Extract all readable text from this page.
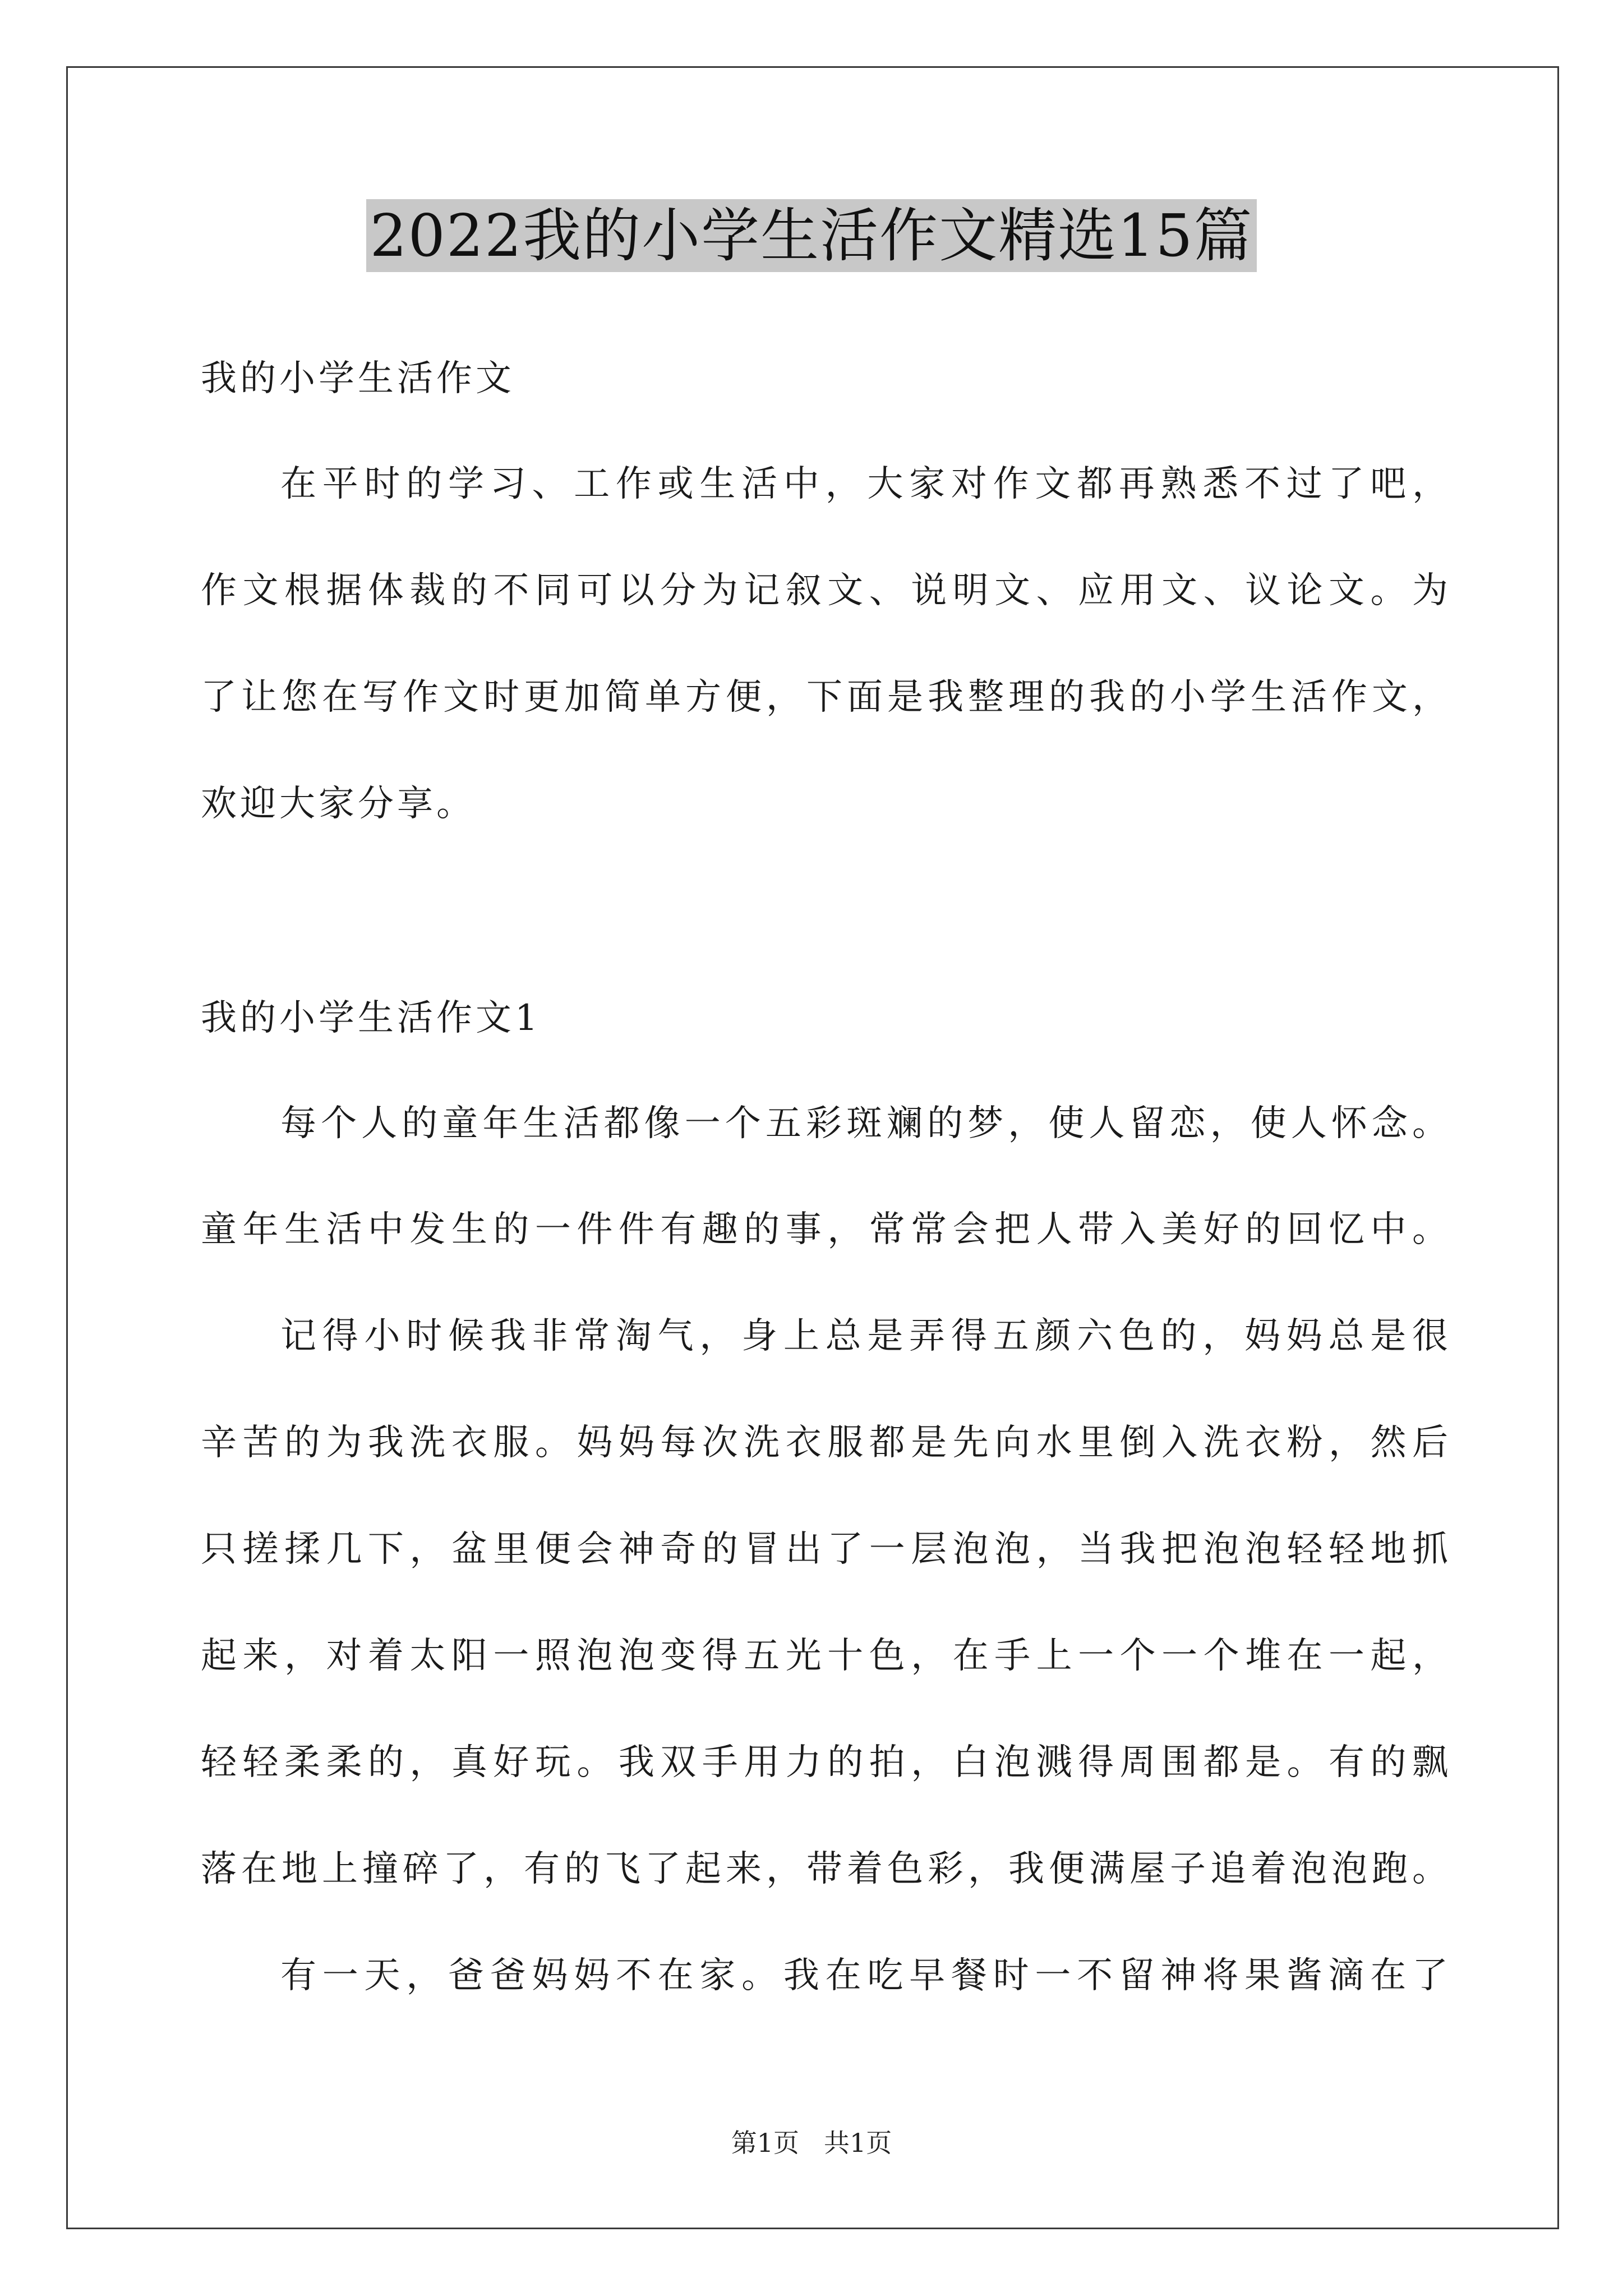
2022我的小学生活作文精选15篇
我的小学生活作文
在平时的学习、工作或生活中，大家对作文都再熟悉不过了吧，
作文根据体裁的不同可以分为记叙文、说明文、应用文、议论文。为
了让您在写作文时更加简单方便，下面是我整理的我的小学生活作文，
欢迎大家分享。
我的小学生活作文1
每个人的童年生活都像一个五彩斑斓的梦，使人留恋，使人怀念。
童年生活中发生的一件件有趣的事，常常会把人带入美好的回忆中。
记得小时候我非常淘气，身上总是弄得五颜六色的，妈妈总是很
辛苦的为我洗衣服。妈妈每次洗衣服都是先向水里倒入洗衣粉，然后
只搓揉几下，盆里便会神奇的冒出了一层泡泡，当我把泡泡轻轻地抓
起来，对着太阳一照泡泡变得五光十色，在手上一个一个堆在一起，
轻轻柔柔的，真好玩。我双手用力的拍，白泡溅得周围都是。有的飘
落在地上撞碎了，有的飞了起来，带着色彩，我便满屋子追着泡泡跑。
有一天，爸爸妈妈不在家。我在吃早餐时一不留神将果酱滴在了
第1页 共1页
